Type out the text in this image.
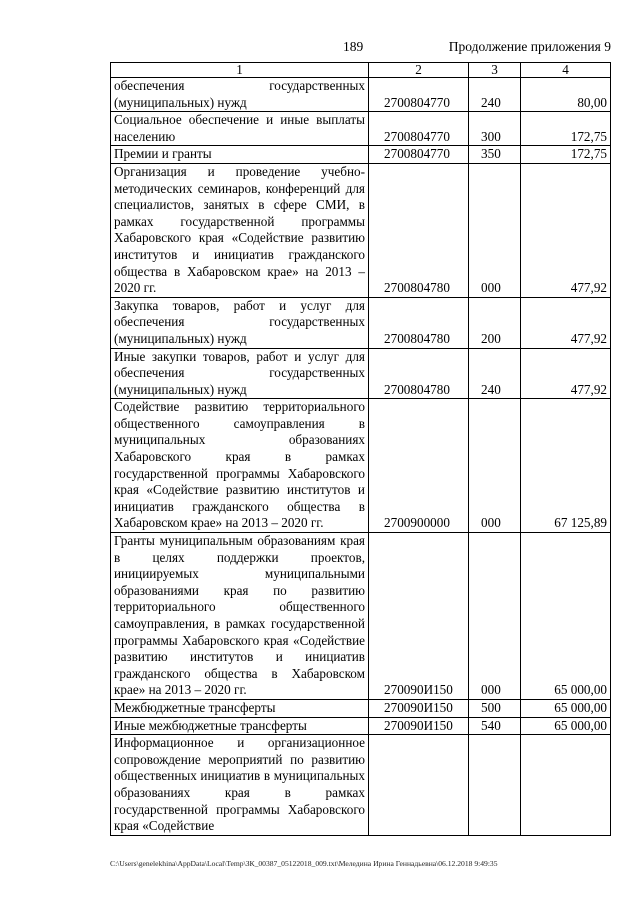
189	Продолжение приложения 9
1	2	3	4
обеспечения государственных (муниципальных) нужд	2700804770	240	80,00
Социальное обеспечение и иные выплаты населению	2700804770	300	172,75
Премии и гранты	2700804770	350	172,75
Организация и проведение учебно-методических семинаров, конференций для специалистов, занятых в сфере СМИ, в рамках государственной программы Хабаровского края «Содействие развитию институтов и инициатив гражданского общества в Хабаровском крае» на 2013 – 2020 гг.	2700804780	000	477,92
Закупка товаров, работ и услуг для обеспечения государственных (муниципальных) нужд	2700804780	200	477,92
Иные закупки товаров, работ и услуг для обеспечения государственных (муниципальных) нужд	2700804780	240	477,92
Содействие развитию территориального общественного самоуправления в муниципальных образованиях Хабаровского края в рамках государственной программы Хабаровского края «Содействие развитию институтов и инициатив гражданского общества в Хабаровском крае» на 2013 – 2020 гг.	2700900000	000	67 125,89
Гранты муниципальным образованиям края в целях поддержки проектов, инициируемых муниципальными образованиями края по развитию территориального общественного самоуправления, в рамках государственной программы Хабаровского края «Содействие развитию институтов и инициатив гражданского общества в Хабаровском крае» на 2013 – 2020 гг.	270090И150	000	65 000,00
Межбюджетные трансферты	270090И150	500	65 000,00
Иные межбюджетные трансферты	270090И150	540	65 000,00
Информационное и организационное сопровождение мероприятий по развитию общественных инициатив в муниципальных образованиях края в рамках государственной программы Хабаровского края «Содействие			
C:\Users\genelekhina\AppData\Local\Temp\ЗК_00387_05122018_009.txt\Меледина Ирина Геннадьевна\06.12.2018 9:49:35
